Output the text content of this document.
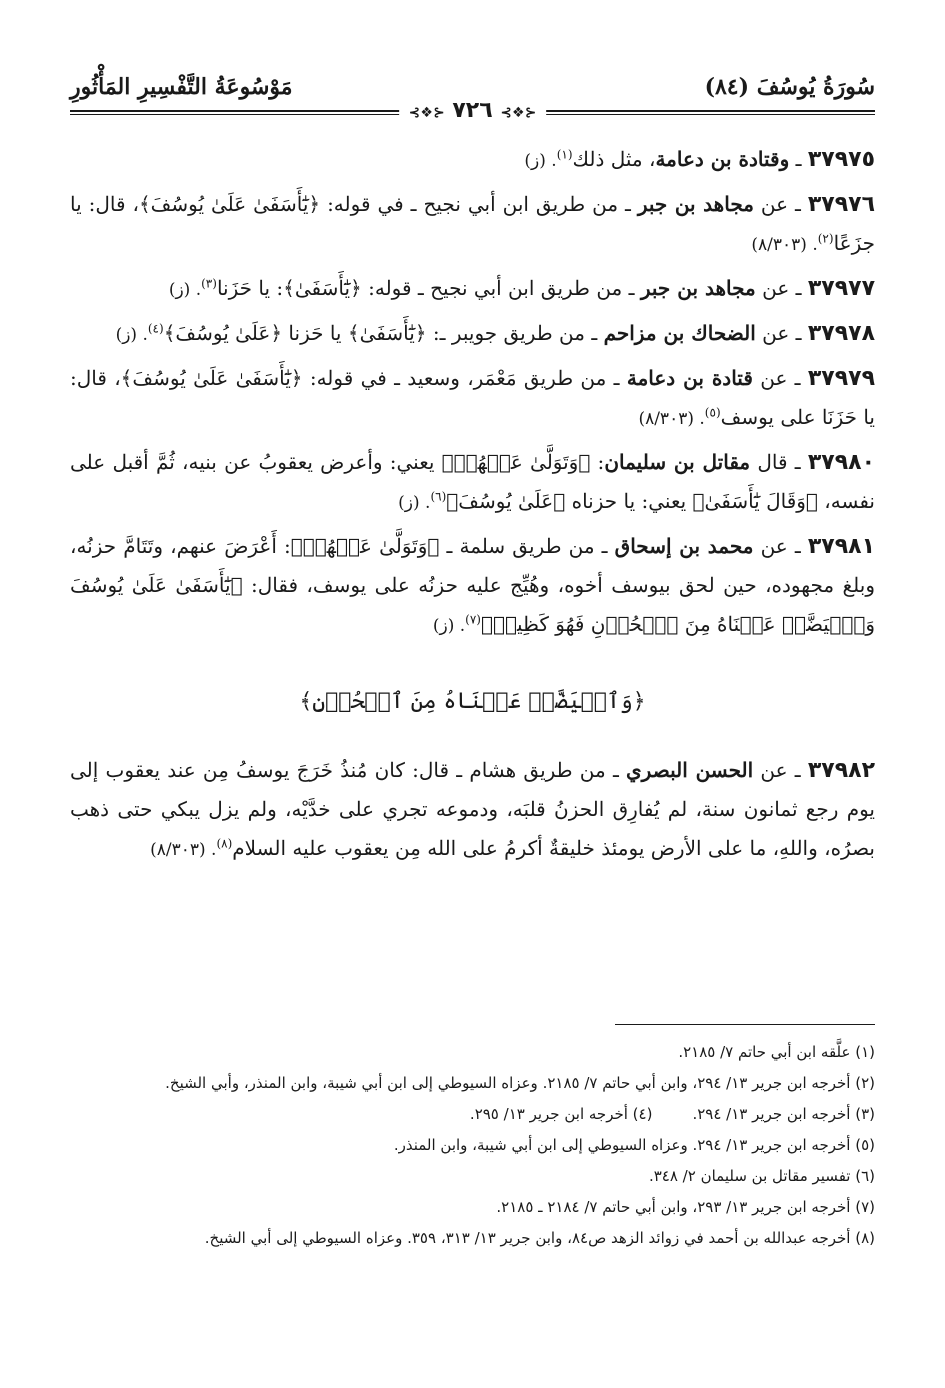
سُورَةُ يُوسُفَ (٨٤)
مَوْسُوعَةُ التَّفْسِيرِ المَأْثُورِ
⊰❖⊱ ٧٢٦ ⊰❖⊱

٣٧٩٧٥ ـ وقتادة بن دعامة، مثل ذلك$^{(١)}$. (ز)

٣٧٩٧٦ ـ عن مجاهد بن جبر ـ من طريق ابن أبي نجيح ـ في قوله: ﴿يَٰٓأَسَفَىٰ عَلَىٰ يُوسُفَ﴾، قال: يا جزَعًا$^{(٢)}$. (٨/٣٠٣)

٣٧٩٧٧ ـ عن مجاهد بن جبر ـ من طريق ابن أبي نجيح ـ قوله: ﴿يَٰٓأَسَفَىٰ﴾: يا حَزَنا$^{(٣)}$. (ز)

٣٧٩٧٨ ـ عن الضحاك بن مزاحم ـ من طريق جويبر ـ: ﴿يَٰٓأَسَفَىٰ﴾ يا حَزنا ﴿عَلَىٰ يُوسُفَ﴾$^{(٤)}$. (ز)

٣٧٩٧٩ ـ عن قتادة بن دعامة ـ من طريق مَعْمَر، وسعيد ـ في قوله: ﴿يَٰٓأَسَفَىٰ عَلَىٰ يُوسُفَ﴾، قال: يا حَزَنَا على يوسف$^{(٥)}$. (٨/٣٠٣)

٣٧٩٨٠ ـ قال مقاتل بن سليمان: ﴿وَتَوَلَّىٰ عَنۡهُمۡ﴾ يعني: وأعرض يعقوبُ عن بنيه، ثُمَّ أقبل على نفسه، ﴿وَقَالَ يَٰٓأَسَفَىٰ﴾ يعني: يا حزناه ﴿عَلَىٰ يُوسُفَ﴾$^{(٦)}$. (ز)

٣٧٩٨١ ـ عن محمد بن إسحاق ـ من طريق سلمة ـ ﴿وَتَوَلَّىٰ عَنۡهُمۡ﴾: أَعْرَضَ عنهم، وتَتَامَّ حزنُه، وبلغ مجهوده، حين لحق بيوسف أخوه، وهُيِّج عليه حزنُه على يوسف، فقال: ﴿يَٰٓأَسَفَىٰ عَلَىٰ يُوسُفَ وَٱبۡيَضَّتۡ عَيۡنَاهُ مِنَ ٱلۡحُزۡنِ فَهُوَ كَظِيمٞ﴾$^{(٧)}$. (ز)

﴿وَٱبۡيَضَّتۡ عَيۡنَاهُ مِنَ ٱلۡحُزۡنِ﴾

٣٧٩٨٢ ـ عن الحسن البصري ـ من طريق هشام ـ قال: كان مُنذُ خَرَجَ يوسفُ مِن عند يعقوب إلى يوم رجع ثمانون سنة، لم يُفارِق الحزنُ قلبَه، ودموعه تجري على خدَّيْه، ولم يزل يبكي حتى ذهب بصرُه، واللهِ، ما على الأرض يومئذ خليقةٌ أكرمُ على الله مِن يعقوب عليه السلام$^{(٨)}$. (٨/٣٠٣)

(١) علَّقه ابن أبي حاتم ٧/ ٢١٨٥.

(٢) أخرجه ابن جرير ١٣/ ٢٩٤، وابن أبي حاتم ٧/ ٢١٨٥. وعزاه السيوطي إلى ابن أبي شيبة، وابن المنذر، وأبي الشيخ.

(٣) أخرجه ابن جرير ١٣/ ٢٩٤.
(٤) أخرجه ابن جرير ١٣/ ٢٩٥.

(٥) أخرجه ابن جرير ١٣/ ٢٩٤. وعزاه السيوطي إلى ابن أبي شيبة، وابن المنذر.

(٦) تفسير مقاتل بن سليمان ٢/ ٣٤٨.

(٧) أخرجه ابن جرير ١٣/ ٢٩٣، وابن أبي حاتم ٧/ ٢١٨٤ ـ ٢١٨٥.

(٨) أخرجه عبدالله بن أحمد في زوائد الزهد ص٨٤، وابن جرير ١٣/ ٣١٣، ٣٥٩. وعزاه السيوطي إلى أبي الشيخ.
